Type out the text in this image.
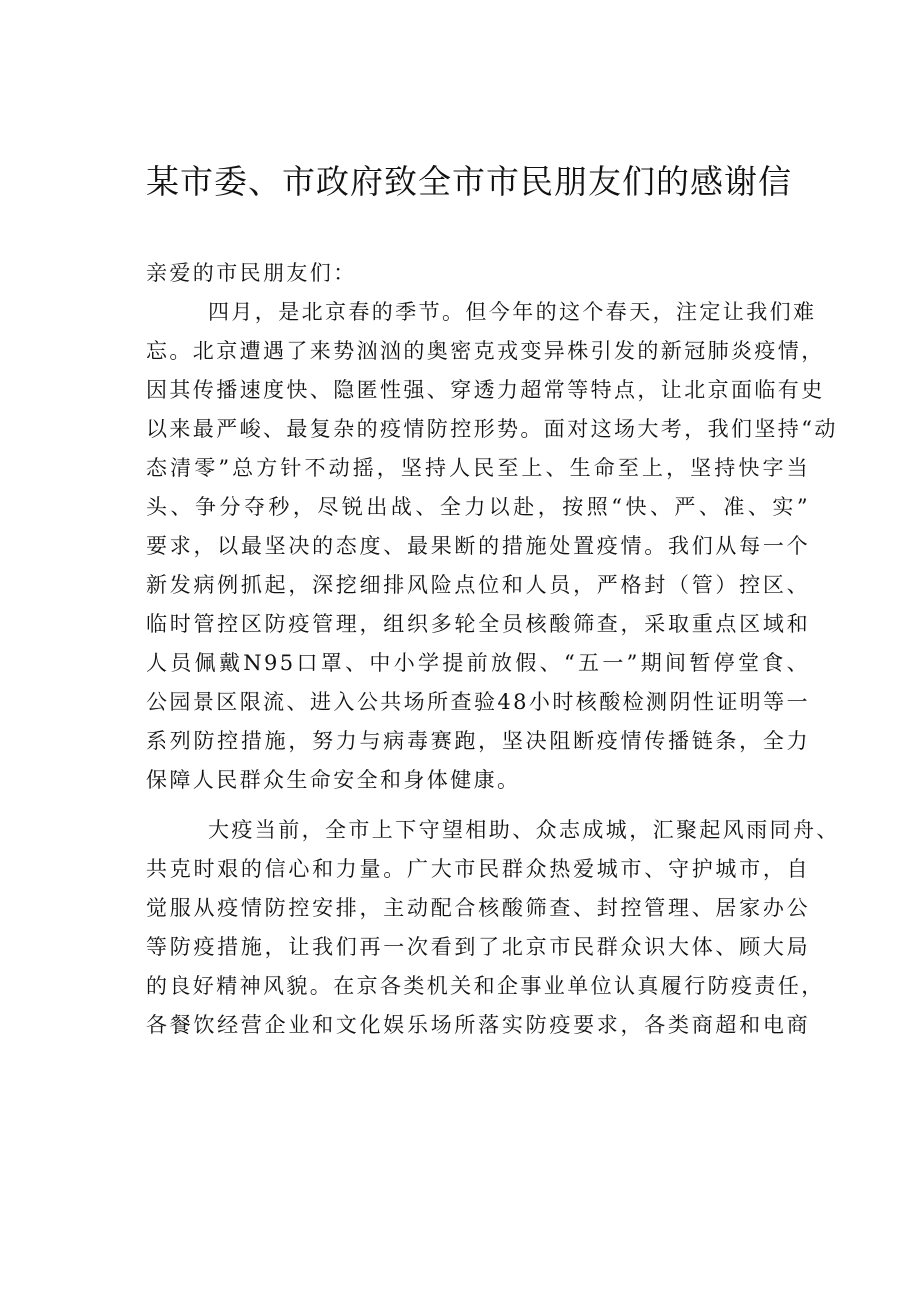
某市委、市政府致全市市民朋友们的感谢信
亲爱的市民朋友们：
四月，是北京春的季节。但今年的这个春天，注定让我们难
忘。北京遭遇了来势汹汹的奥密克戎变异株引发的新冠肺炎疫情，
因其传播速度快、隐匿性强、穿透力超常等特点，让北京面临有史
以来最严峻、最复杂的疫情防控形势。面对这场大考，我们坚持“动
态清零”总方针不动摇，坚持人民至上、生命至上，坚持快字当
头、争分夺秒，尽锐出战、全力以赴，按照“快、严、准、实”
要求，以最坚决的态度、最果断的措施处置疫情。我们从每一个
新发病例抓起，深挖细排风险点位和人员，严格封（管）控区、
临时管控区防疫管理，组织多轮全员核酸筛查，采取重点区域和
人员佩戴N95口罩、中小学提前放假、“五一”期间暂停堂食、
公园景区限流、进入公共场所查验48小时核酸检测阴性证明等一
系列防控措施，努力与病毒赛跑，坚决阻断疫情传播链条，全力
保障人民群众生命安全和身体健康。
大疫当前，全市上下守望相助、众志成城，汇聚起风雨同舟、
共克时艰的信心和力量。广大市民群众热爱城市、守护城市，自
觉服从疫情防控安排，主动配合核酸筛查、封控管理、居家办公
等防疫措施，让我们再一次看到了北京市民群众识大体、顾大局
的良好精神风貌。在京各类机关和企事业单位认真履行防疫责任，
各餐饮经营企业和文化娱乐场所落实防疫要求，各类商超和电商
